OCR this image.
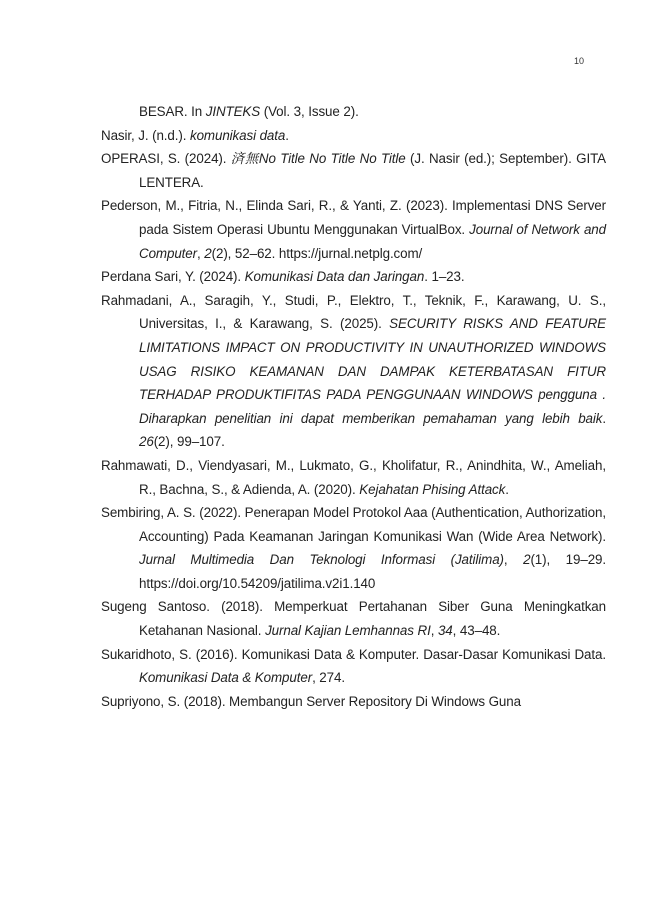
10

BESAR. In JINTEKS (Vol. 3, Issue 2).

Nasir, J. (n.d.). komunikasi data.

OPERASI, S. (2024). 済無No Title No Title No Title (J. Nasir (ed.); September). GITA LENTERA.

Pederson, M., Fitria, N., Elinda Sari, R., & Yanti, Z. (2023). Implementasi DNS Server pada Sistem Operasi Ubuntu Menggunakan VirtualBox. Journal of Network and Computer, 2(2), 52–62. https://jurnal.netplg.com/

Perdana Sari, Y. (2024). Komunikasi Data dan Jaringan. 1–23.

Rahmadani, A., Saragih, Y., Studi, P., Elektro, T., Teknik, F., Karawang, U. S., Universitas, I., & Karawang, S. (2025). SECURITY RISKS AND FEATURE LIMITATIONS IMPACT ON PRODUCTIVITY IN UNAUTHORIZED WINDOWS USAG RISIKO KEAMANAN DAN DAMPAK KETERBATASAN FITUR TERHADAP PRODUKTIFITAS PADA PENGGUNAAN WINDOWS pengguna . Diharapkan penelitian ini dapat memberikan pemahaman yang lebih baik. 26(2), 99–107.

Rahmawati, D., Viendyasari, M., Lukmato, G., Kholifatur, R., Anindhita, W., Ameliah, R., Bachna, S., & Adienda, A. (2020). Kejahatan Phising Attack.

Sembiring, A. S. (2022). Penerapan Model Protokol Aaa (Authentication, Authorization, Accounting) Pada Keamanan Jaringan Komunikasi Wan (Wide Area Network). Jurnal Multimedia Dan Teknologi Informasi (Jatilima), 2(1), 19–29. https://doi.org/10.54209/jatilima.v2i1.140

Sugeng Santoso. (2018). Memperkuat Pertahanan Siber Guna Meningkatkan Ketahanan Nasional. Jurnal Kajian Lemhannas RI, 34, 43–48.

Sukaridhoto, S. (2016). Komunikasi Data & Komputer. Dasar-Dasar Komunikasi Data. Komunikasi Data & Komputer, 274.

Supriyono, S. (2018). Membangun Server Repository Di Windows Guna
